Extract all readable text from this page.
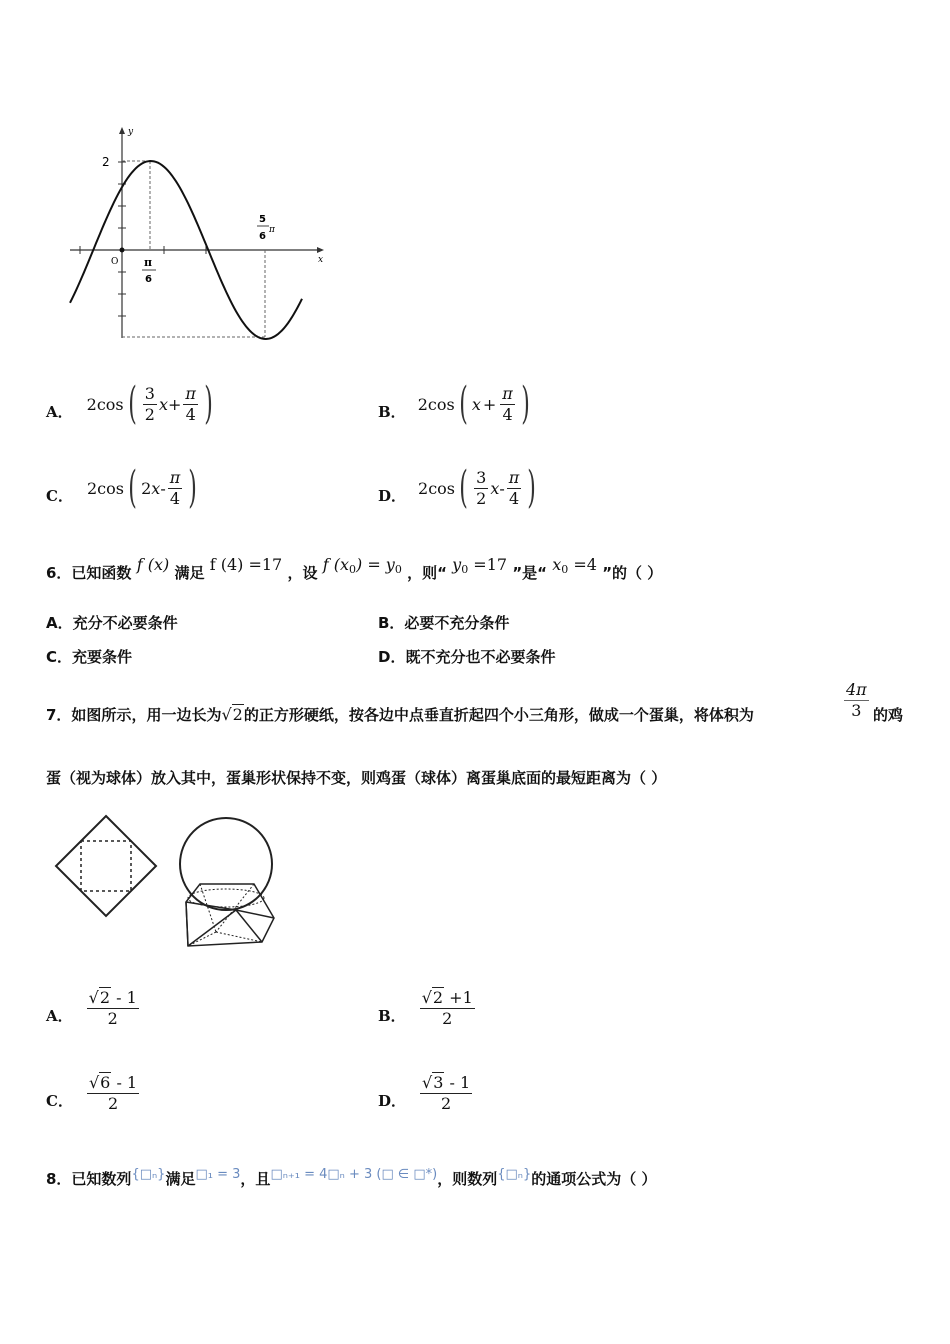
y
x
O
2
π
6
5
6
π
A． 2cos ( $\frac{3}{2}$ $x + \frac{\pi}{4}$ )	B． 2cos ( $x + \frac{\pi}{4}$ )
C． 2cos ( 2 x - $\frac{\pi}{4}$ )	D． 2cos ( $\frac{3}{2}$ x - $\frac{\pi}{4}$ )
6．已知函数 f (x) 满足 f (4) =17 ，设 f $(x_0) = y_0$ ，则“ $y_0 =17$ ”是“ $x_0 =4$ ”的（ ）
A．充分不必要条件	B．必要不充分条件
C．充要条件	D．既不充分也不必要条件
7．如图所示，用一边长为√2的正方形硬纸，按各边中点垂直折起四个小三角形，做成一个蛋巢，将体积为	$\frac{4\pi}{3}$ 的鸡
蛋（视为球体）放入其中，蛋巢形状保持不变，则鸡蛋（球体）离蛋巢底面的最短距离为（ ）
A． $\frac{√2 - 1}{2}$	B． $\frac{√2 +1}{2}$
C． $\frac{√6 - 1}{2}$	D． $\frac{√3 - 1}{2}$
8．已知数列{□ₙ}满足□₁ = 3，且□ₙ₊₁ = 4□ₙ + 3 (□ ∈ □*)，则数列{□ₙ}的通项公式为（ ）
